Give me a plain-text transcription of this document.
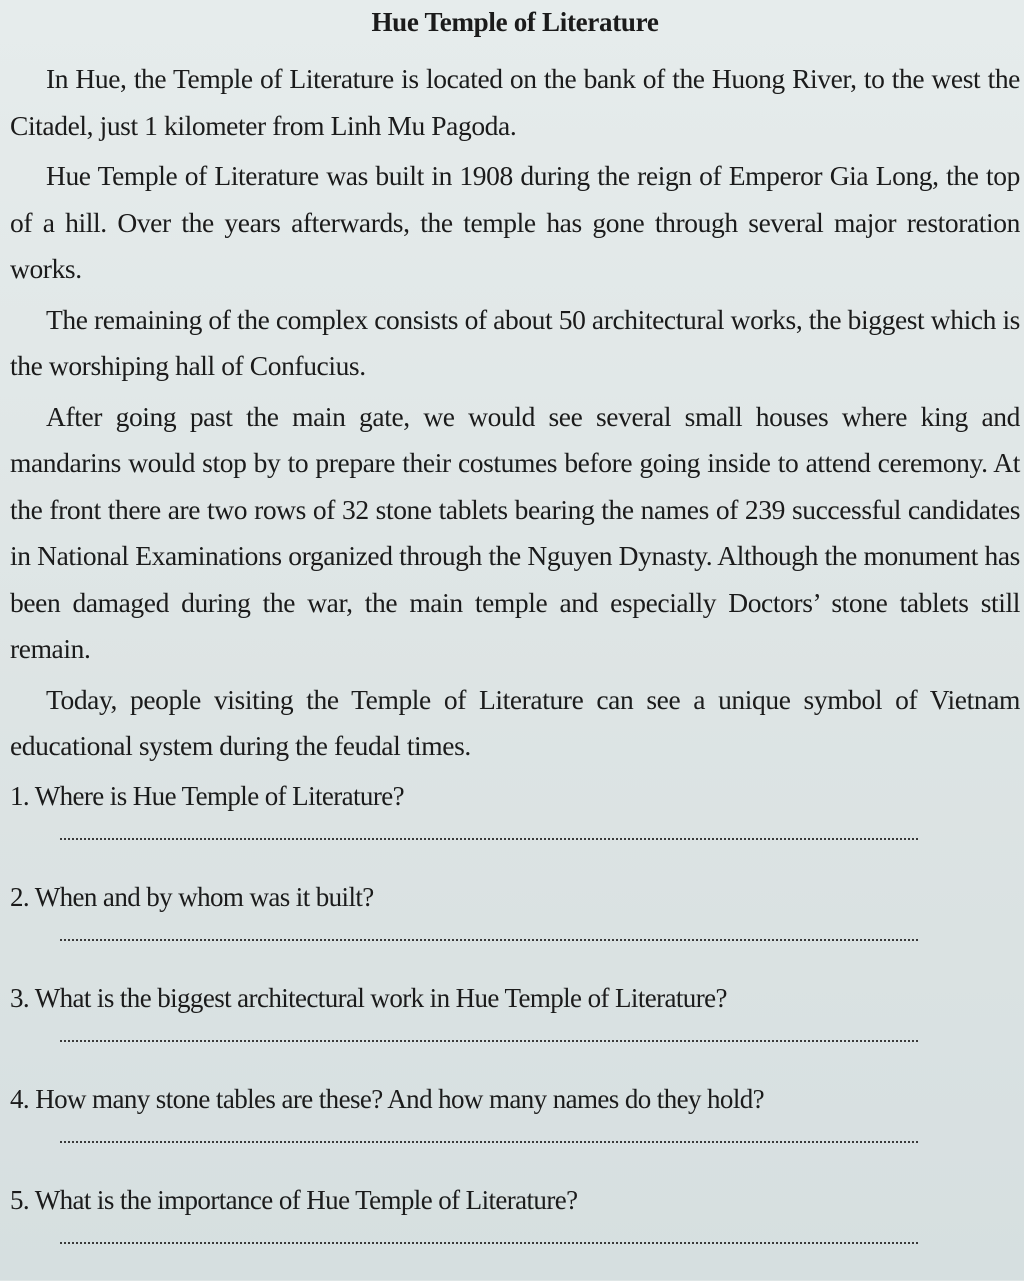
Hue Temple of Literature

In Hue, the Temple of Literature is located on the bank of the Huong River, to the west the Citadel, just 1 kilometer from Linh Mu Pagoda.

Hue Temple of Literature was built in 1908 during the reign of Emperor Gia Long, the top of a hill. Over the years afterwards, the temple has gone through several major restoration works.

The remaining of the complex consists of about 50 architectural works, the biggest which is the worshiping hall of Confucius.

After going past the main gate, we would see several small houses where king and mandarins would stop by to prepare their costumes before going inside to attend ceremony. At the front there are two rows of 32 stone tablets bearing the names of 239 successful candidates in National Examinations organized through the Nguyen Dynasty. Although the monument has been damaged during the war, the main temple and especially Doctors’ stone tablets still remain.

Today, people visiting the Temple of Literature can see a unique symbol of Vietnam educational system during the feudal times.

1. Where is Hue Temple of Literature?

2. When and by whom was it built?

3. What is the biggest architectural work in Hue Temple of Literature?

4. How many stone tables are these? And how many names do they hold?

5. What is the importance of Hue Temple of Literature?
